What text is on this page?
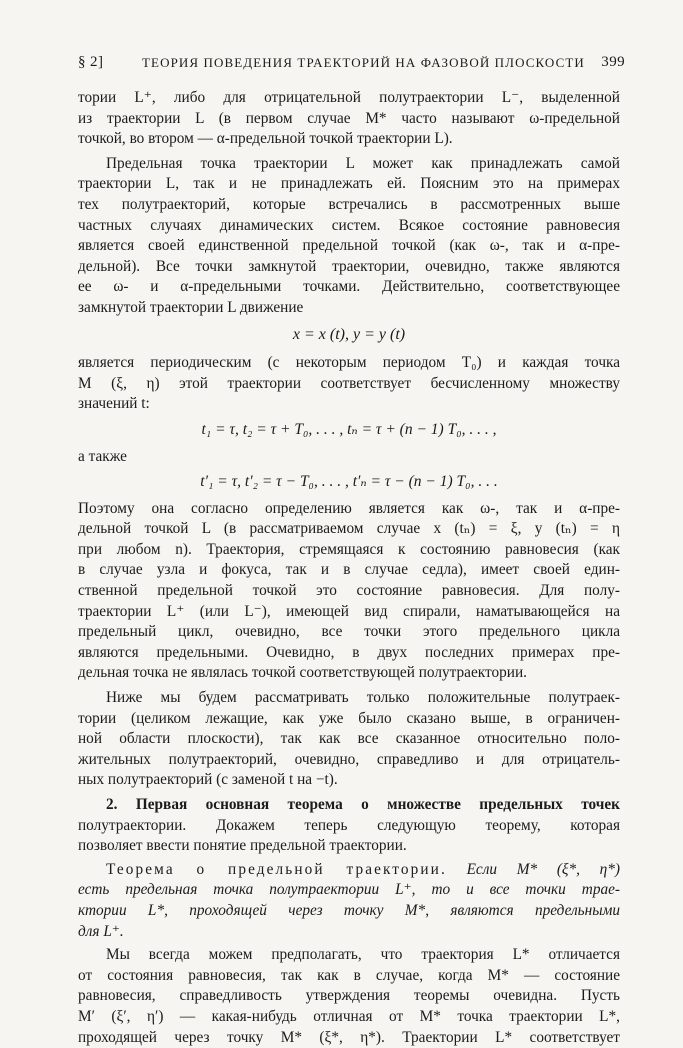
§ 2]	ТЕОРИЯ ПОВЕДЕНИЯ ТРАЕКТОРИЙ НА ФАЗОВОЙ ПЛОСКОСТИ 399
тории L⁺, либо для отрицательной полутраектории L⁻, выделенной
из траектории L (в первом случае M* часто называют ω-предельной
точкой, во втором — α-предельной точкой траектории L).
Предельная точка траектории L может как принадлежать самой
траектории L, так и не принадлежать ей. Поясним это на примерах
тех полутраекторий, которые встречались в рассмотренных выше
частных случаях динамических систем. Всякое состояние равновесия
является своей единственной предельной точкой (как ω-, так и α-пре-
дельной). Все точки замкнутой траектории, очевидно, также являются
ее ω- и α-предельными точками. Действительно, соответствующее
замкнутой траектории L движение
x = x (t), y = y (t)
является периодическим (с некоторым периодом T₀) и каждая точка
M (ξ, η) этой траектории соответствует бесчисленному множеству
значений t:
t₁ = τ, t₂ = τ + T₀, . . . , tₙ = τ + (n − 1) T₀, . . . ,
а также
t′₁ = τ, t′₂ = τ − T₀, . . . , t′ₙ = τ − (n − 1) T₀, . . .
Поэтому она согласно определению является как ω-, так и α-пре-
дельной точкой L (в рассматриваемом случае x (tₙ) = ξ, y (tₙ) = η
при любом n). Траектория, стремящаяся к состоянию равновесия (как
в случае узла и фокуса, так и в случае седла), имеет своей един-
ственной предельной точкой это состояние равновесия. Для полу-
траектории L⁺ (или L⁻), имеющей вид спирали, наматывающейся на
предельный цикл, очевидно, все точки этого предельного цикла
являются предельными. Очевидно, в двух последних примерах пре-
дельная точка не являлась точкой соответствующей полутраектории.
Ниже мы будем рассматривать только положительные полутраек-
тории (целиком лежащие, как уже было сказано выше, в ограничен-
ной области плоскости), так как все сказанное относительно поло-
жительных полутраекторий, очевидно, справедливо и для отрицатель-
ных полутраекторий (с заменой t на −t).
2. Первая основная теорема о множестве предельных точек
полутраектории. Докажем теперь следующую теорему, которая
позволяет ввести понятие предельной траектории.
Теорема о предельной траектории. Если M* (ξ*, η*)
есть предельная точка полутраектории L⁺, то и все точки трае-
ктории L*, проходящей через точку M*, являются предельными
для L⁺.
Мы всегда можем предполагать, что траектория L* отличается
от состояния равновесия, так как в случае, когда M* — состояние
равновесия, справедливость утверждения теоремы очевидна. Пусть
M′ (ξ′, η′) — какая-нибудь отличная от M* точка траектории L*,
проходящей через точку M* (ξ*, η*). Траектории L* соответствует
